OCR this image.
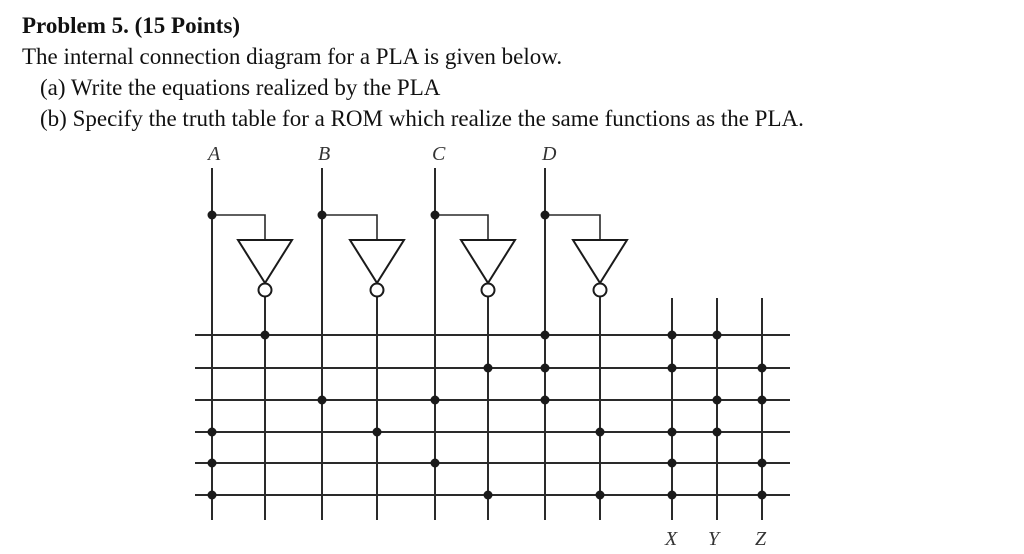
Problem 5. (15 Points)
The internal connection diagram for a PLA is given below.
(a) Write the equations realized by the PLA
(b) Specify the truth table for a ROM which realize the same functions as the PLA.
A	B	C	D
X Y Z
